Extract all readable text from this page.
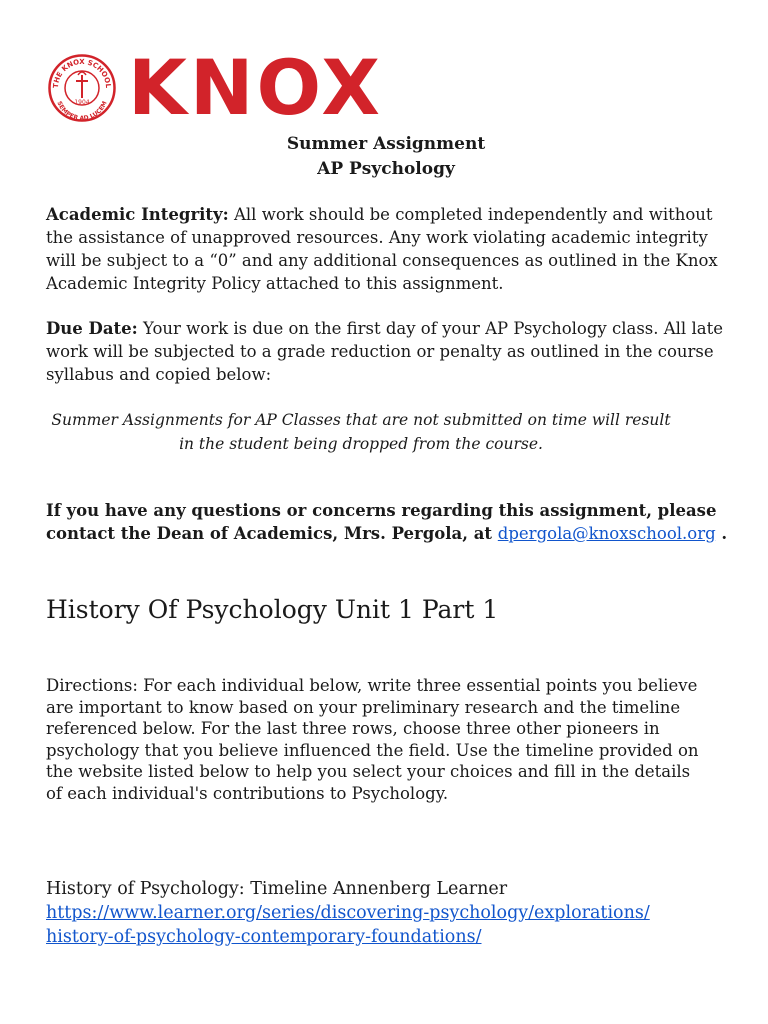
THE KNOX SCHOOL
SEMPER AD LUCEM
1904 KNOX
Summer Assignment
AP Psychology

Academic Integrity: All work should be completed independently and without the assistance of unapproved resources. Any work violating academic integrity will be subject to a “0” and any additional consequences as outlined in the Knox Academic Integrity Policy attached to this assignment.

Due Date: Your work is due on the first day of your AP Psychology class. All late work will be subjected to a grade reduction or penalty as outlined in the course syllabus and copied below:

Summer Assignments for AP Classes that are not submitted on time will result
in the student being dropped from the course.

If you have any questions or concerns regarding this assignment, please contact the Dean of Academics, Mrs. Pergola, at dpergola@knoxschool.org .

History Of Psychology Unit 1 Part 1

Directions: For each individual below, write three essential points you believe are important to know based on your preliminary research and the timeline referenced below. For the last three rows, choose three other pioneers in psychology that you believe influenced the field. Use the timeline provided on the website listed below to help you select your choices and fill in the details of each individual's contributions to Psychology.

History of Psychology: Timeline Annenberg Learner
https://www.learner.org/series/discovering-psychology/explorations/
history-of-psychology-contemporary-foundations/
